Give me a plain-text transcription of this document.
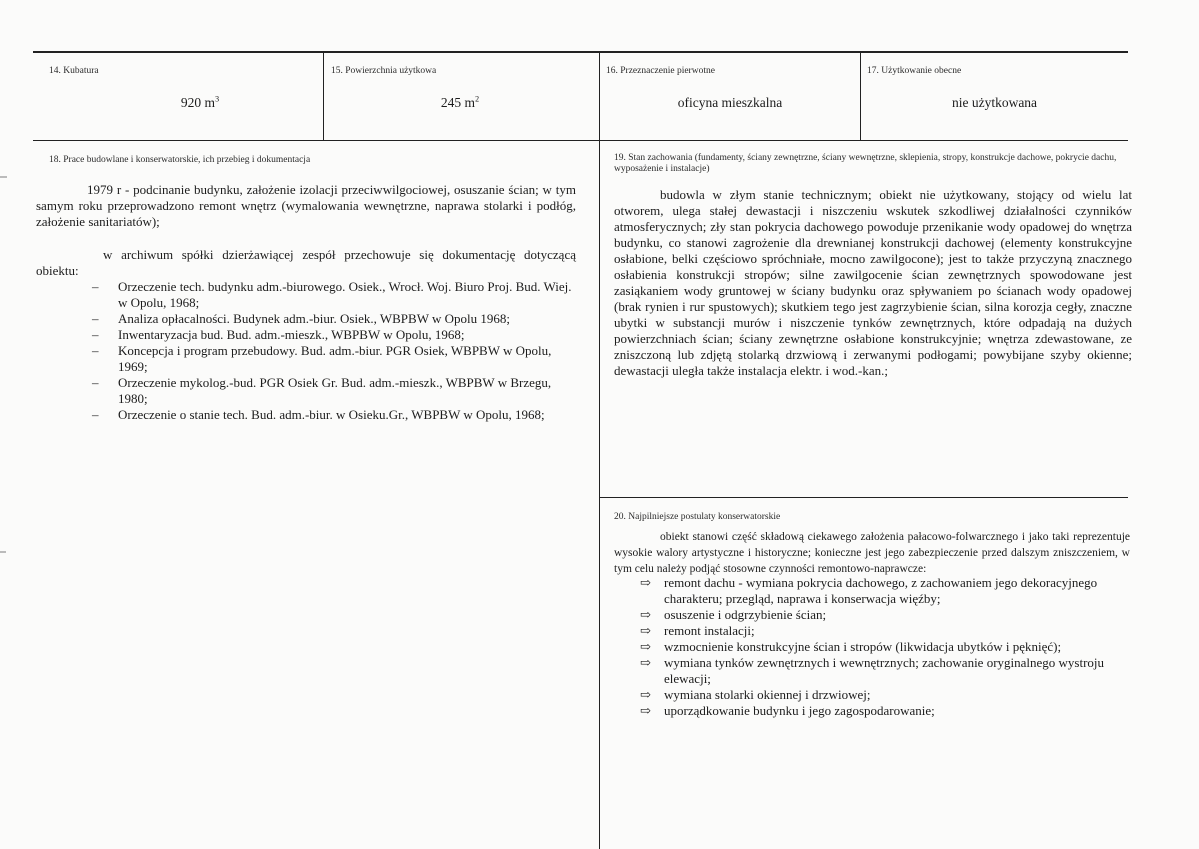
14. Kubatura
920 $m^3$
15. Powierzchnia użytkowa
245 $m^2$
16. Przeznaczenie pierwotne
oficyna mieszkalna
17. Użytkowanie obecne
nie użytkowana
18. Prace budowlane i konserwatorskie, ich przebieg i dokumentacja
1979 r - podcinanie budynku, założenie izolacji przeciwwilgociowej, osuszanie ścian; w tym samym roku przeprowadzono remont wnętrz (wymalowania wewnętrzne, naprawa stolarki i podłóg, założenie sanitariatów);
w archiwum spółki dzierżawiącej zespół przechowuje się dokumentację dotyczącą obiektu:
– Orzeczenie tech. budynku adm.-biurowego. Osiek., Wrocł. Woj. Biuro Proj. Bud. Wiej. w Opolu, 1968;
– Analiza opłacalności. Budynek adm.-biur. Osiek., WBPBW w Opolu 1968;
– Inwentaryzacja bud. Bud. adm.-mieszk., WBPBW w Opolu, 1968;
– Koncepcja i program przebudowy. Bud. adm.-biur. PGR Osiek, WBPBW w Opolu, 1969;
– Orzeczenie mykolog.-bud. PGR Osiek Gr. Bud. adm.-mieszk., WBPBW w Brzegu, 1980;
– Orzeczenie o stanie tech. Bud. adm.-biur. w Osieku.Gr., WBPBW w Opolu, 1968;
19. Stan zachowania (fundamenty, ściany zewnętrzne, ściany wewnętrzne, sklepienia, stropy, konstrukcje dachowe, pokrycie dachu, wyposażenie i instalacje)
budowla w złym stanie technicznym; obiekt nie użytkowany, stojący od wielu lat otworem, ulega stałej dewastacji i niszczeniu wskutek szkodliwej działalności czynników atmosferycznych; zły stan pokrycia dachowego powoduje przenikanie wody opadowej do wnętrza budynku, co stanowi zagrożenie dla drewnianej konstrukcji dachowej (elementy konstrukcyjne osłabione, belki częściowo spróchniałe, mocno zawilgocone); jest to także przyczyną znacznego osłabienia konstrukcji stropów; silne zawilgocenie ścian zewnętrznych spowodowane jest zasiąkaniem wody gruntowej w ściany budynku oraz spływaniem po ścianach wody opadowej (brak rynien i rur spustowych); skutkiem tego jest zagrzybienie ścian, silna korozja cegły, znaczne ubytki w substancji murów i niszczenie tynków zewnętrznych, które odpadają na dużych powierzchniach ścian; ściany zewnętrzne osłabione konstrukcyjnie; wnętrza zdewastowane, ze zniszczoną lub zdjętą stolarką drzwiową i zerwanymi podłogami; powybijane szyby okienne; dewastacji uległa także instalacja elektr. i wod.-kan.;
20. Najpilniejsze postulaty konserwatorskie
obiekt stanowi część składową ciekawego założenia pałacowo-folwarcznego i jako taki reprezentuje wysokie walory artystyczne i historyczne; konieczne jest jego zabezpieczenie przed dalszym zniszczeniem, w tym celu należy podjąć stosowne czynności remontowo-naprawcze:
⇨ remont dachu - wymiana pokrycia dachowego, z zachowaniem jego dekoracyjnego charakteru; przegląd, naprawa i konserwacja więźby;
⇨ osuszenie i odgrzybienie ścian;
⇨ remont instalacji;
⇨ wzmocnienie konstrukcyjne ścian i stropów (likwidacja ubytków i pęknięć);
⇨ wymiana tynków zewnętrznych i wewnętrznych; zachowanie oryginalnego wystroju elewacji;
⇨ wymiana stolarki okiennej i drzwiowej;
⇨ uporządkowanie budynku i jego zagospodarowanie;
